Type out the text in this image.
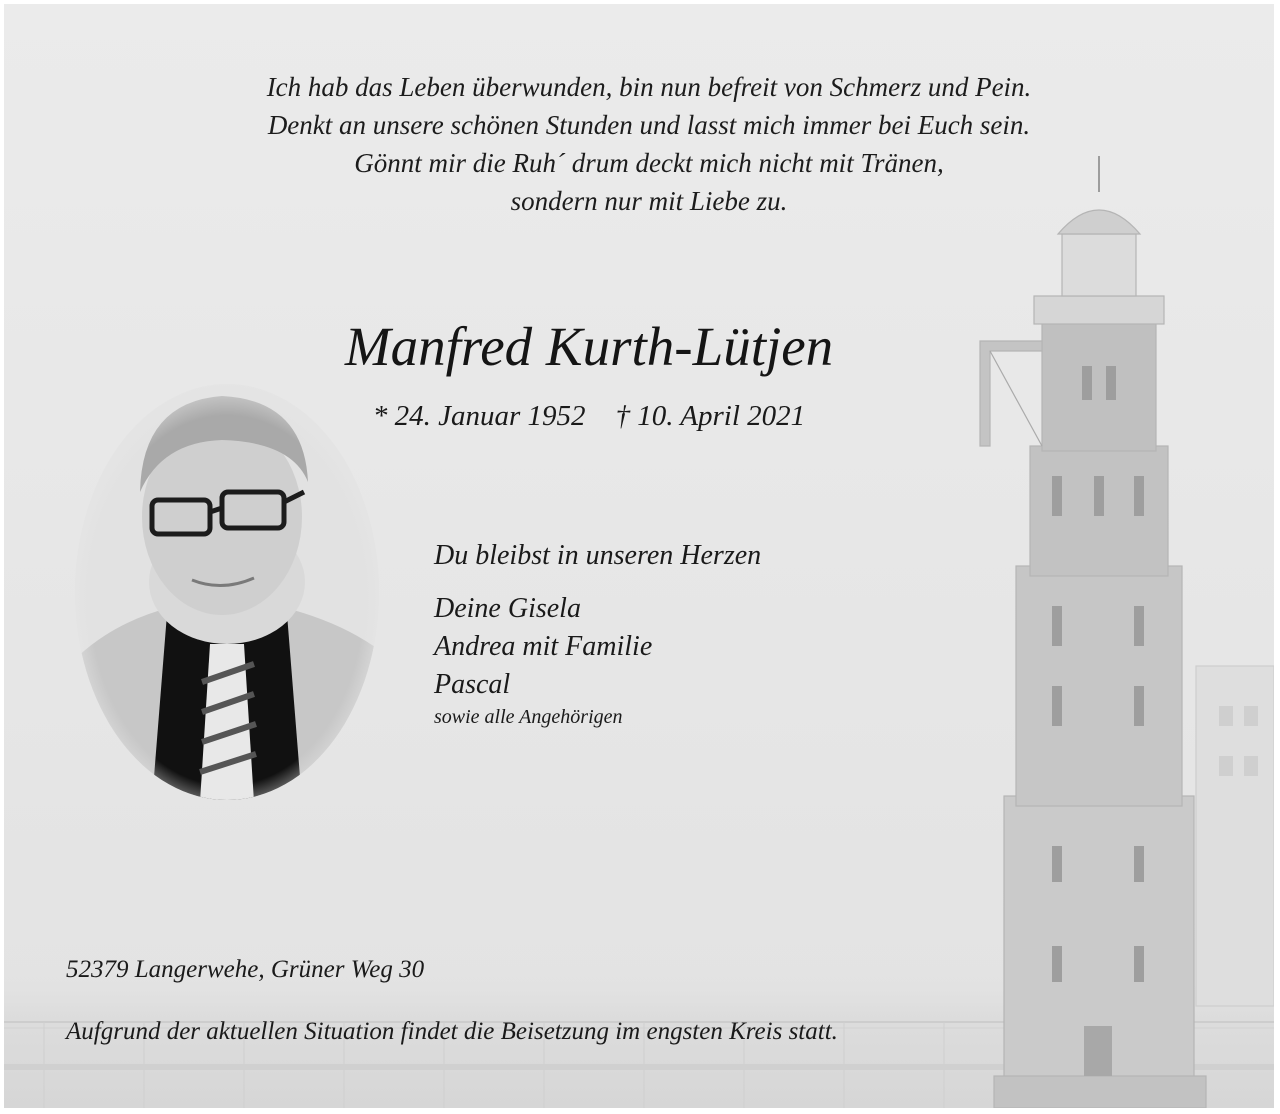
Ich hab das Leben überwunden, bin nun befreit von Schmerz und Pein.
Denkt an unsere schönen Stunden und lasst mich immer bei Euch sein.
Gönnt mir die Ruh´ drum deckt mich nicht mit Tränen,
sondern nur mit Liebe zu.
Manfred Kurth-Lütjen
* 24. Januar 1952 † 10. April 2021
Du bleibst in unseren Herzen
Deine Gisela
Andrea mit Familie
Pascal
sowie alle Angehörigen
52379 Langerwehe, Grüner Weg 30
Aufgrund der aktuellen Situation findet die Beisetzung im engsten Kreis statt.
